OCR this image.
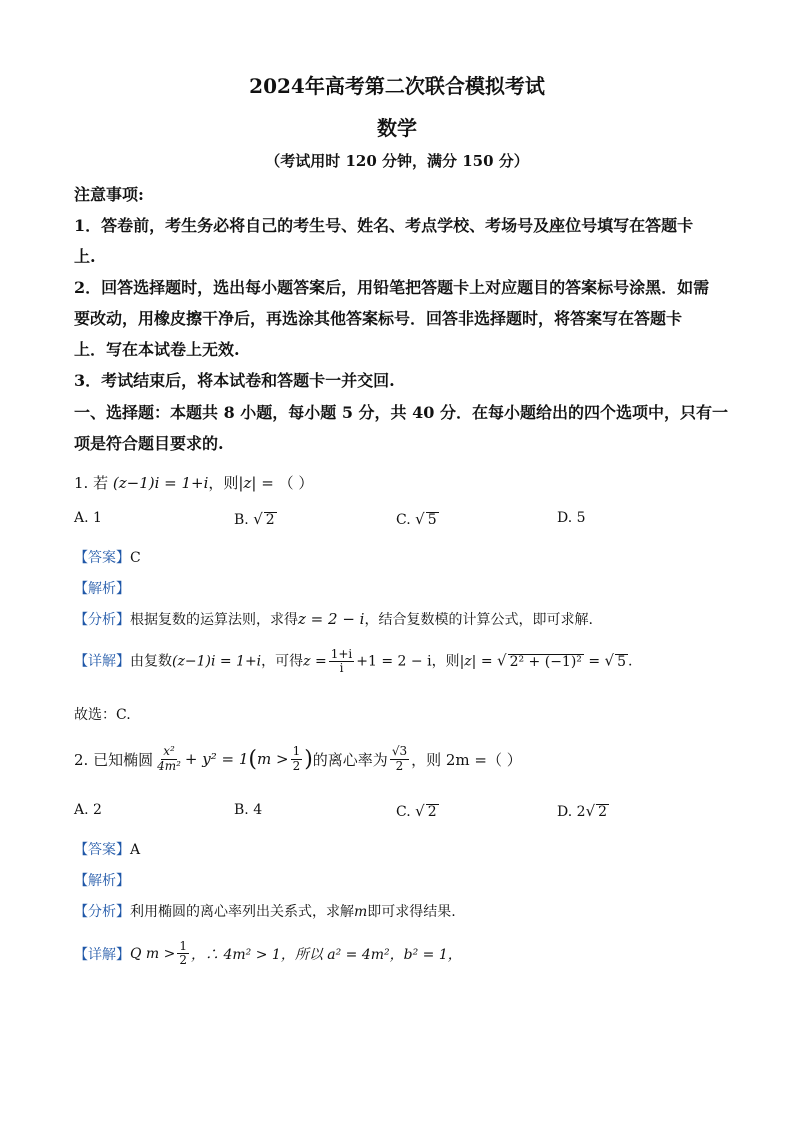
2024年高考第二次联合模拟考试
数学
（考试用时 120 分钟，满分 150 分）
注意事项:
1．答卷前，考生务必将自己的考生号、姓名、考点学校、考场号及座位号填写在答题卡
上.
2．回答选择题时，选出每小题答案后，用铅笔把答题卡上对应题目的答案标号涂黑．如需
要改动，用橡皮擦干净后，再选涂其他答案标号．回答非选择题时，将答案写在答题卡
上．写在本试卷上无效.
3．考试结束后，将本试卷和答题卡一并交回.
一、选择题：本题共 8 小题，每小题 5 分，共 40 分．在每小题给出的四个选项中，只有一
项是符合题目要求的.
1. 若 (z−1)i = 1+i，则|z| = （ ）
A. 1	B. √ 2	C. √ 5	D. 5
【答案】C
【解析】
【分析】根据复数的运算法则，求得z = 2 − i，结合复数模的计算公式，即可求解.
【详解】由复数(z−1)i = 1+i，可得$z = \frac{1+i}{i} +1 = 2 - i$，则|z| = √ 2² + (−1)² = √ 5 .
故选：C.
2. 已知椭圆 $\frac{\text{x²}}{\text{4m²}} + y^2 = 1$ ( $m > \frac{1}{2}$ ) 的离心率为 $\frac{√3}{2}$ ，则 2m =（ ）
A. 2	B. 4	C. √ 2	D. 2√ 2
【答案】A
【解析】
【分析】利用椭圆的离心率列出关系式，求解m即可求得结果.
【详解】 Q $m > \frac{1}{2}$ ，∴ 4m² > 1，所以 a² = 4m²，b² = 1，
